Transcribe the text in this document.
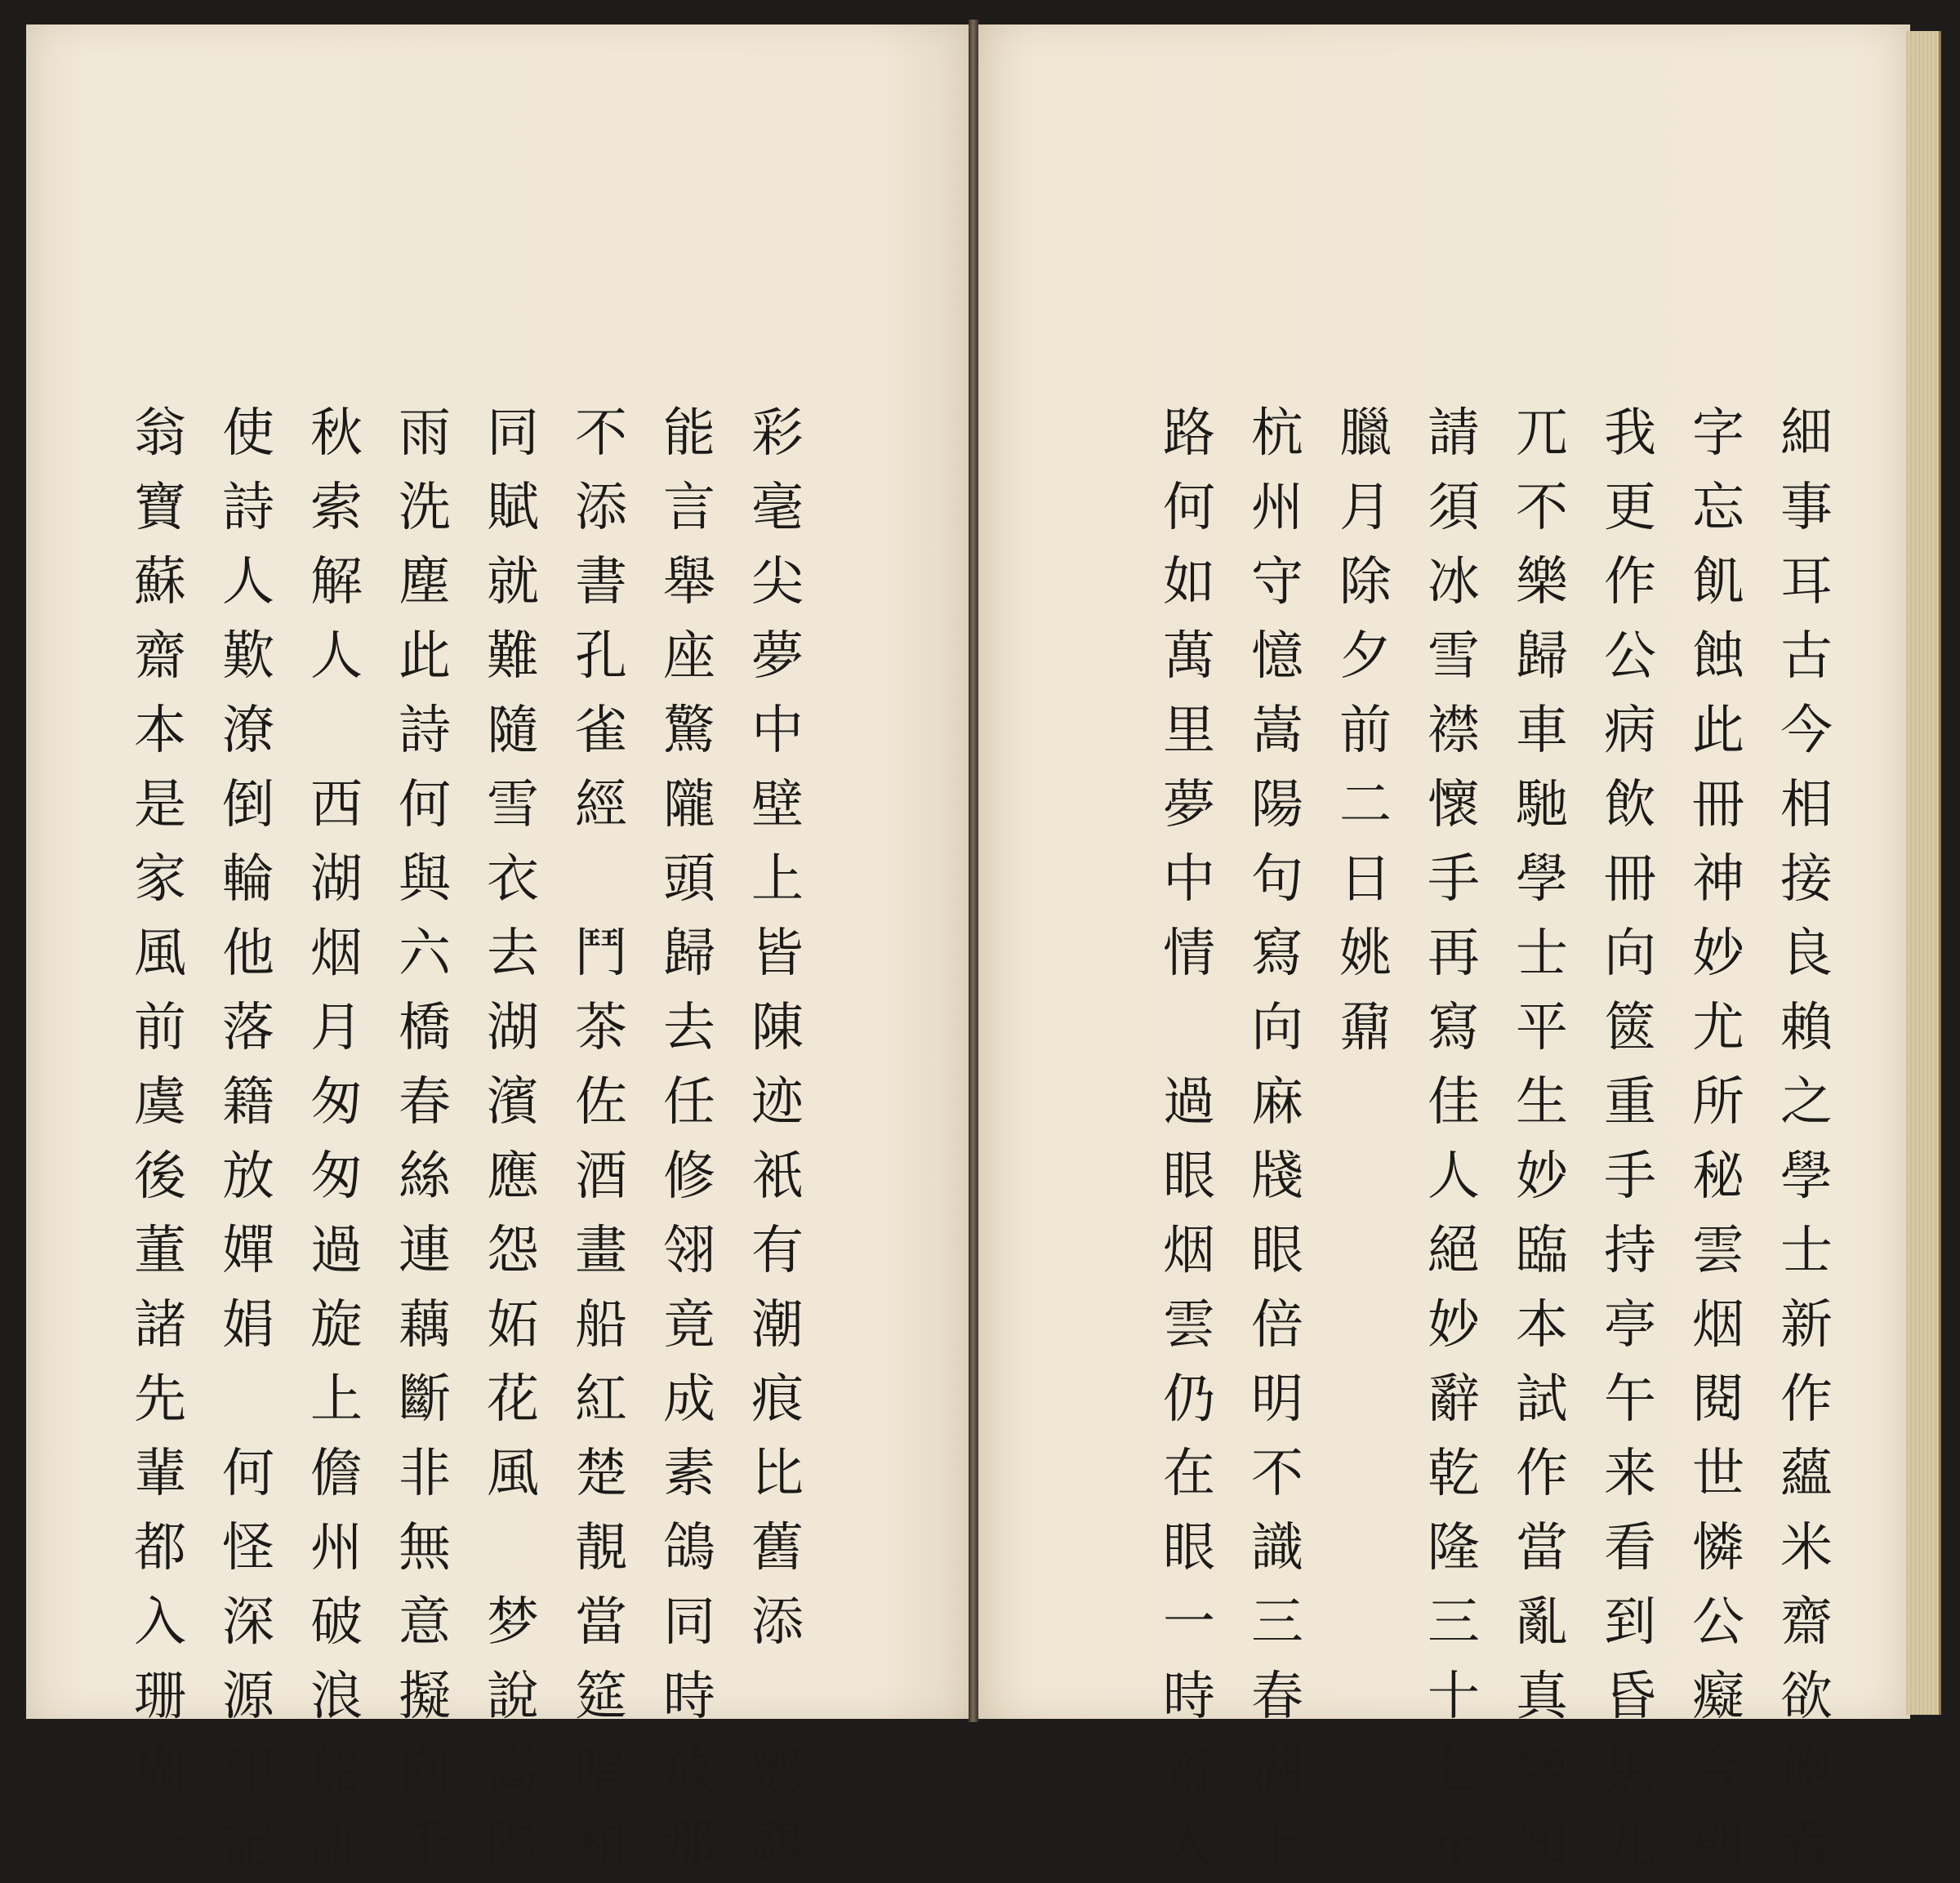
細
事
耳
古
今
相
接
良
賴
之
學
士
新
作
蘊
米
齋
欲
飽
看
字
忘
飢
蝕
此
冊
神
妙
尤
所
秘
雲
烟
閱
世
憐
公
癡
今
朝
我
更
作
公
病
飲
冊
向
篋
重
手
持
亭
午
来
看
到
昏
黑
兀
兀
不
樂
歸
車
馳
學
士
平
生
妙
臨
本
試
作
當
亂
真
鑒
知
請
須
冰
雪
襟
懷
手
再
寫
佳
人
絕
妙
辭
乾
隆
三
十
七
年
臘
月
除
夕
前
二
日
姚
鼐
杭
州
守
憶
嵩
陽
句
寫
向
麻
牋
眼
倍
明
不
識
三
春
湖
上
路
何
如
萬
里
夢
中
情

過
眼
烟
雲
仍
在
眼
一
時
齋
入
彩
毫
尖
夢
中
壁
上
皆
陳
迹
衹
有
潮
痕
比
舊
添

鸚
鵡
能
言
舉
座
驚
隴
頭
歸
去
任
修
翎
竟
成
素
鴿
同
時
放
那
不
添
書
孔
雀
經

鬥
茶
佐
酒
畫
船
紅
楚
靚
當
筵
唱
和
同
賦
就
難
隨
雪
衣
去
湖
濱
應
怨
妬
花
風

梦
說
嵩
陽
雨
洗
塵
此
詩
何
與
六
橋
春
絲
連
藕
斷
非
無
意
擬
向
千
秋
索
解
人

西
湖
烟
月
匆
匆
過
旋
上
儋
州
破
浪
船
誰
使
詩
人
歎
潦
倒
輪
他
落
籍
放
嬋
娟

何
怪
深
源
印
記
翁
寶
蘇
齋
本
是
家
風
前
虞
後
董
諸
先
輩
都
入
珊
瑚
一
